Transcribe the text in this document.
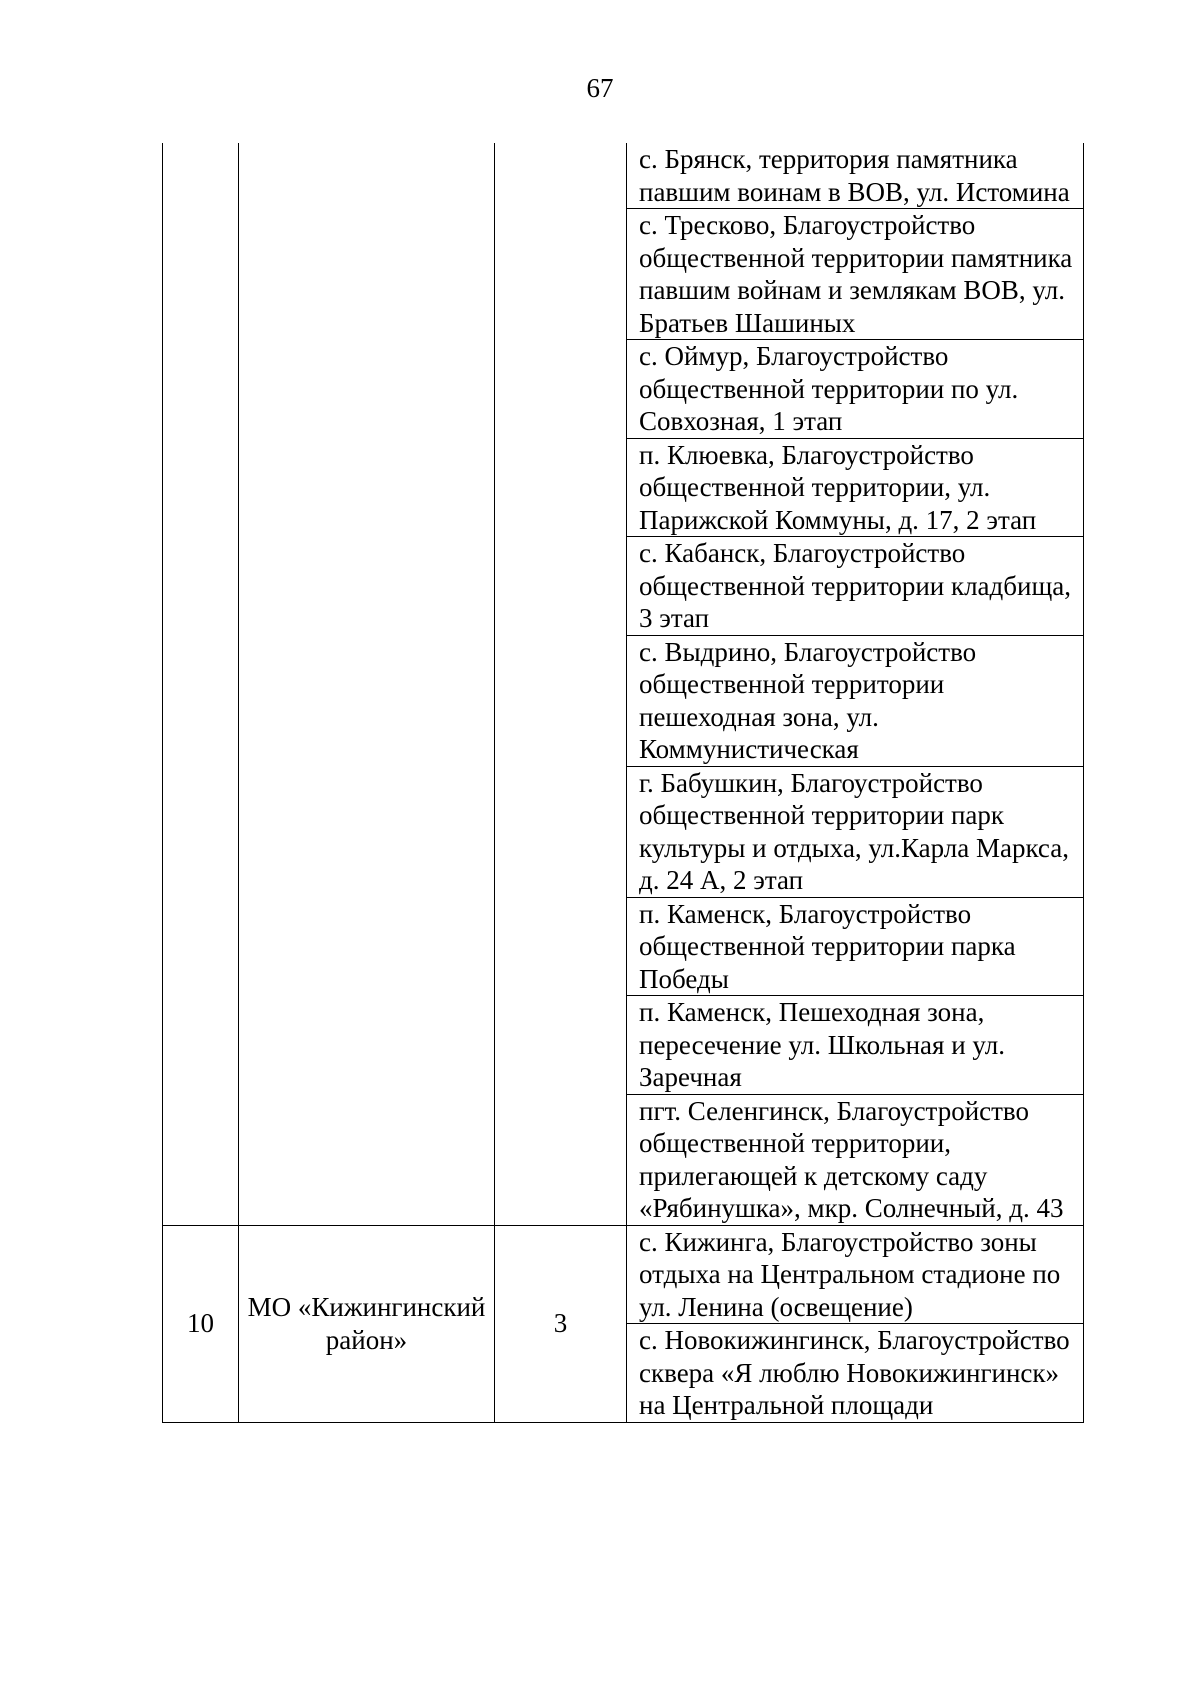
67
			с. Брянск, территория памятника павшим воинам в ВОВ, ул. Истомина
			с. Тресково, Благоустройство общественной территории памятника павшим войнам и землякам ВОВ, ул. Братьев Шашиных
			с. Оймур, Благоустройство общественной территории по ул. Совхозная, 1 этап
			п. Клюевка, Благоустройство общественной территории, ул. Парижской Коммуны, д. 17, 2 этап
			с. Кабанск, Благоустройство общественной территории кладбища, 3 этап
			с. Выдрино, Благоустройство общественной территории пешеходная зона, ул. Коммунистическая
			г. Бабушкин, Благоустройство общественной территории парк культуры и отдыха, ул.Карла Маркса, д. 24 А, 2 этап
			п. Каменск, Благоустройство общественной территории парка Победы
			п. Каменск, Пешеходная зона, пересечение ул. Школьная и ул. Заречная
			пгт. Селенгинск, Благоустройство общественной территории, прилегающей к детскому саду «Рябинушка», мкр. Солнечный, д. 43
10	МО «Кижингинский район»	3	с. Кижинга, Благоустройство зоны отдыха на Центральном стадионе по ул. Ленина (освещение)
			с. Новокижингинск, Благоустройство сквера «Я люблю Новокижингинск» на Центральной площади
